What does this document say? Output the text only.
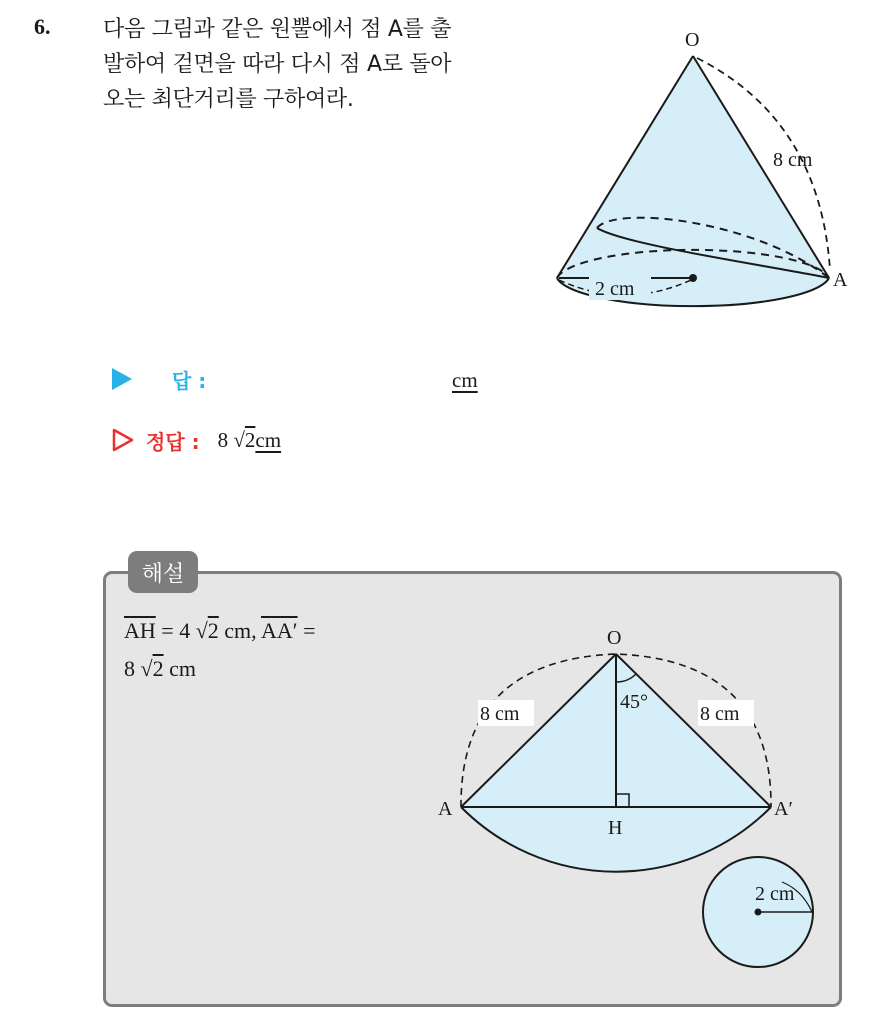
6. 다음 그림과 같은 원뿔에서 점 A를 출
발하여 겉면을 따라 다시 점 A로 돌아
오는 최단거리를 구하여라.
O
A
8 cm
2 cm
답 :	cm
정답 : 8 √2cm
해설
$\overline{AH} = 4$ √2 cm, AA′ =
8 √2 cm
O
A	A′
H
45°
8 cm	8 cm
2 cm
